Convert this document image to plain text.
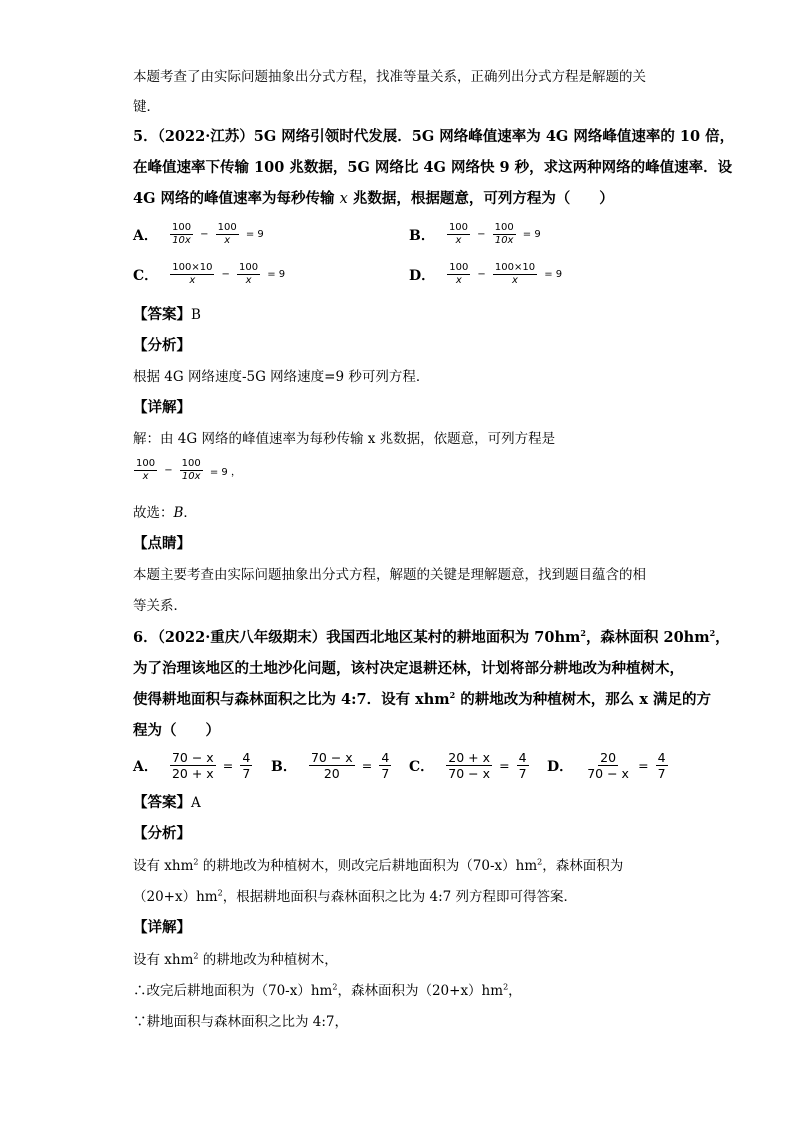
本题考查了由实际问题抽象出分式方程，找准等量关系，正确列出分式方程是解题的关
键．
5．（2022·江苏）5G 网络引领时代发展．5G 网络峰值速率为 4G 网络峰值速率的 10 倍，
在峰值速率下传输 100 兆数据，5G 网络比 4G 网络快 9 秒，求这两种网络的峰值速率．设
4G 网络的峰值速率为每秒传输 x 兆数据，根据题意，可列方程为（　　）
A． $\frac{100}{10x} - \frac{100}{x} = 9$	B． $\frac{100}{x} - \frac{100}{10x} = 9$
C． $\frac{100\times 10}{x} - \frac{100}{x} = 9$	D． $\frac{100}{x} - \frac{100\times 10}{x} = 9$
【答案】B
【分析】
根据 4G 网络速度-5G 网络速度=9 秒可列方程．
【详解】
解：由 4G 网络的峰值速率为每秒传输 x 兆数据，依题意，可列方程是
$\frac{100}{x} - \frac{100}{10x} = 9$ ，
故选：B．
【点睛】
本题主要考查由实际问题抽象出分式方程，解题的关键是理解题意，找到题目蕴含的相
等关系．
6．（2022·重庆八年级期末）我国西北地区某村的耕地面积为 $70hm^2$，森林面积 $20hm^2$，
为了治理该地区的土地沙化问题，该村决定退耕还林，计划将部分耕地改为种植树木，
使得耕地面积与森林面积之比为 4:7．设有 xhm$^2$ 的耕地改为种植树木，那么 x 满足的方
程为（　　）
A． $\frac{70 - x}{20 + x} = \frac{4}{7}$ B． $\frac{70 - x}{20} = \frac{4}{7}$ C． $\frac{20 + x}{70 - x} = \frac{4}{7}$ D． $\frac{20}{70 - x} = \frac{4}{7}$
【答案】A
【分析】
设有 xhm$^2$ 的耕地改为种植树木，则改完后耕地面积为$(70-x)hm^2$，森林面积为
$(20+x)hm^2$，根据耕地面积与森林面积之比为 4:7 列方程即可得答案．
【详解】
设有 xhm$^2$ 的耕地改为种植树木，
∴改完后耕地面积为$(70-x)hm^2$，森林面积为$(20+x)hm^2$，
∵耕地面积与森林面积之比为 4:7，
